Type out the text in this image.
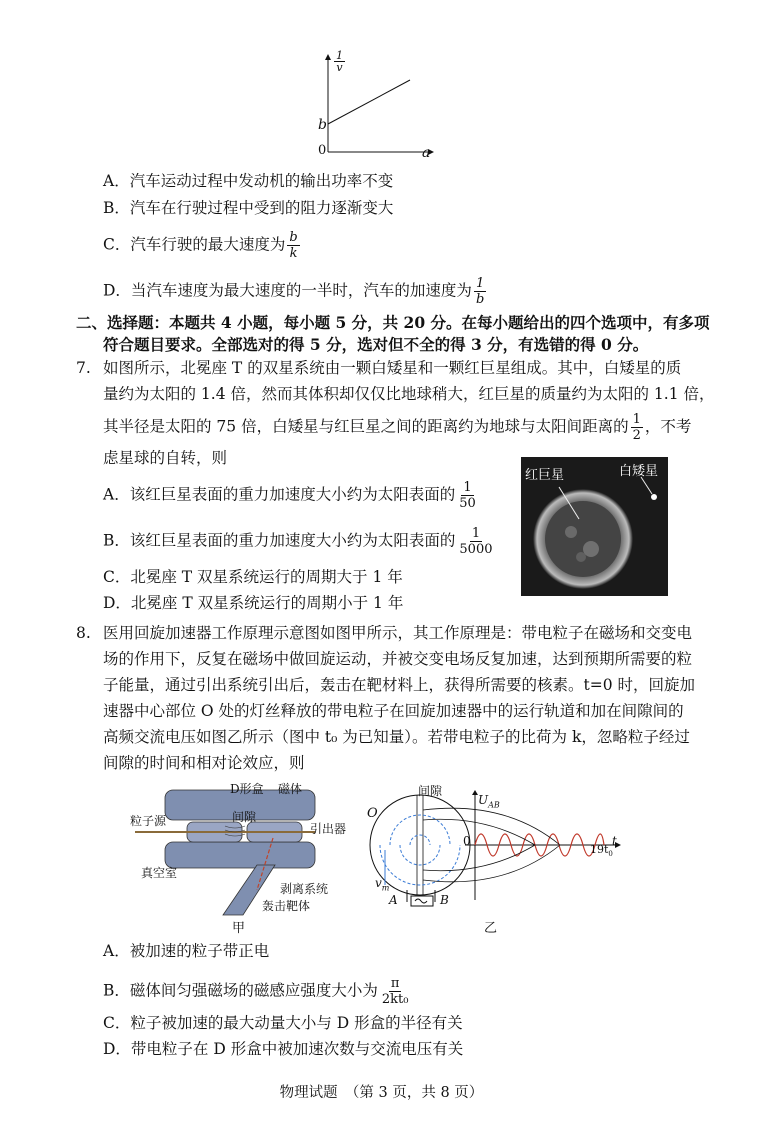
$\frac{1}{v}$
b
0	a
A．汽车运动过程中发动机的输出功率不变
B．汽车在行驶过程中受到的阻力逐渐变大
C．汽车行驶的最大速度为 $\frac{b}{k}$
D．当汽车速度为最大速度的一半时，汽车的加速度为 $\frac{1}{b}$
二、选择题：本题共 4 小题，每小题 5 分，共 20 分。在每小题给出的四个选项中，有多项
符合题目要求。全部选对的得 5 分，选对但不全的得 3 分，有选错的得 0 分。
7. 如图所示，北冕座 T 的双星系统由一颗白矮星和一颗红巨星组成。其中，白矮星的质
量约为太阳的 1.4 倍，然而其体积却仅仅比地球稍大，红巨星的质量约为太阳的 1.1 倍，
其半径是太阳的 75 倍，白矮星与红巨星之间的距离约为地球与太阳间距离的 $\frac{1}{2}$ ，不考
虑星球的自转，则
A．该红巨星表面的重力加速度大小约为太阳表面的 $\frac{1}{50}$
B．该红巨星表面的重力加速度大小约为太阳表面的 $\frac{1}{5000}$
C．北冕座 T 双星系统运行的周期大于 1 年
D．北冕座 T 双星系统运行的周期小于 1 年
红巨星	白矮星
8. 医用回旋加速器工作原理示意图如图甲所示，其工作原理是：带电粒子在磁场和交变电
场的作用下，反复在磁场中做回旋运动，并被交变电场反复加速，达到预期所需要的粒
子能量，通过引出系统引出后，轰击在靶材料上，获得所需要的核素。t=0 时，回旋加
速器中心部位 O 处的灯丝释放的带电粒子在回旋加速器中的运行轨道和加在间隙间的
高频交流电压如图乙所示（图中 t₀ 为已知量）。若带电粒子的比荷为 k，忽略粒子经过
间隙的时间和相对论效应，则
D形盒 磁体
粒子源	间隙
引出器
真空室
剥离系统
轰击靶体
甲
间隙
O
$U_{AB}$
0
$v_m$
A	B
t
$19t_0$
乙
A．被加速的粒子带正电
B．磁体间匀强磁场的磁感应强度大小为 $\frac{\pi}{\text{2kt₀}}$
C．粒子被加速的最大动量大小与 D 形盒的半径有关
D．带电粒子在 D 形盒中被加速次数与交流电压有关
物理试题　（第 3 页，共 8 页）
